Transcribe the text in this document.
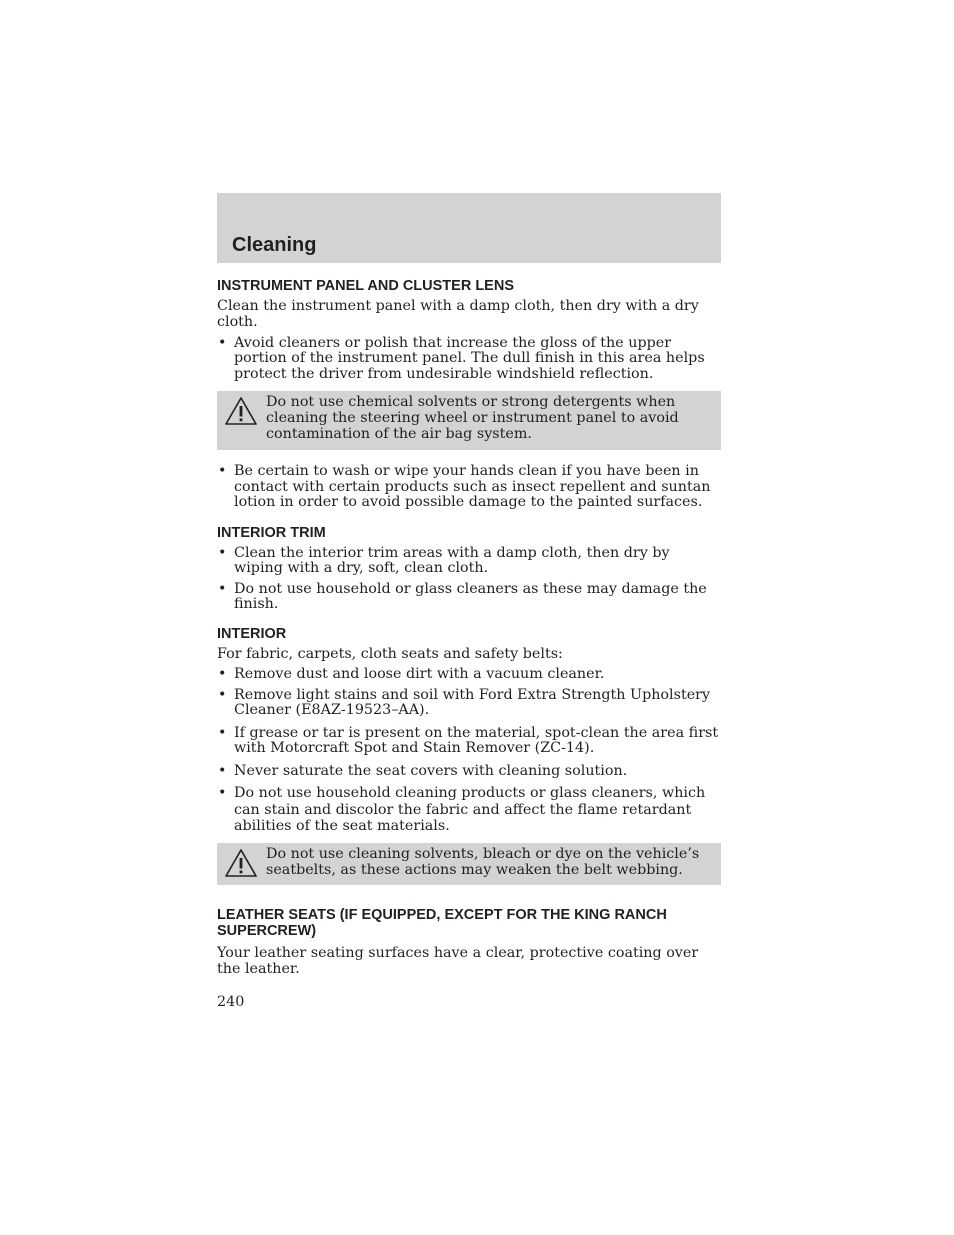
Cleaning
INSTRUMENT PANEL AND CLUSTER LENS

Clean the instrument panel with a damp cloth, then dry with a dry cloth.

• Avoid cleaners or polish that increase the gloss of the upper portion of the instrument panel. The dull finish in this area helps protect the driver from undesirable windshield reflection.
Do not use chemical solvents or strong detergents when cleaning the steering wheel or instrument panel to avoid contamination of the air bag system.
• Be certain to wash or wipe your hands clean if you have been in contact with certain products such as insect repellent and suntan lotion in order to avoid possible damage to the painted surfaces.
INTERIOR TRIM
• Clean the interior trim areas with a damp cloth, then dry by wiping with a dry, soft, clean cloth.
• Do not use household or glass cleaners as these may damage the finish.
INTERIOR

For fabric, carpets, cloth seats and safety belts:

• Remove dust and loose dirt with a vacuum cleaner.
• Remove light stains and soil with Ford Extra Strength Upholstery Cleaner (E8AZ-19523–AA).
• If grease or tar is present on the material, spot-clean the area first with Motorcraft Spot and Stain Remover (ZC-14).
• Never saturate the seat covers with cleaning solution.
• Do not use household cleaning products or glass cleaners, which can stain and discolor the fabric and affect the flame retardant abilities of the seat materials.
Do not use cleaning solvents, bleach or dye on the vehicle’s seatbelts, as these actions may weaken the belt webbing.
LEATHER SEATS (IF EQUIPPED, EXCEPT FOR THE KING RANCH SUPERCREW)

Your leather seating surfaces have a clear, protective coating over the leather.

240
